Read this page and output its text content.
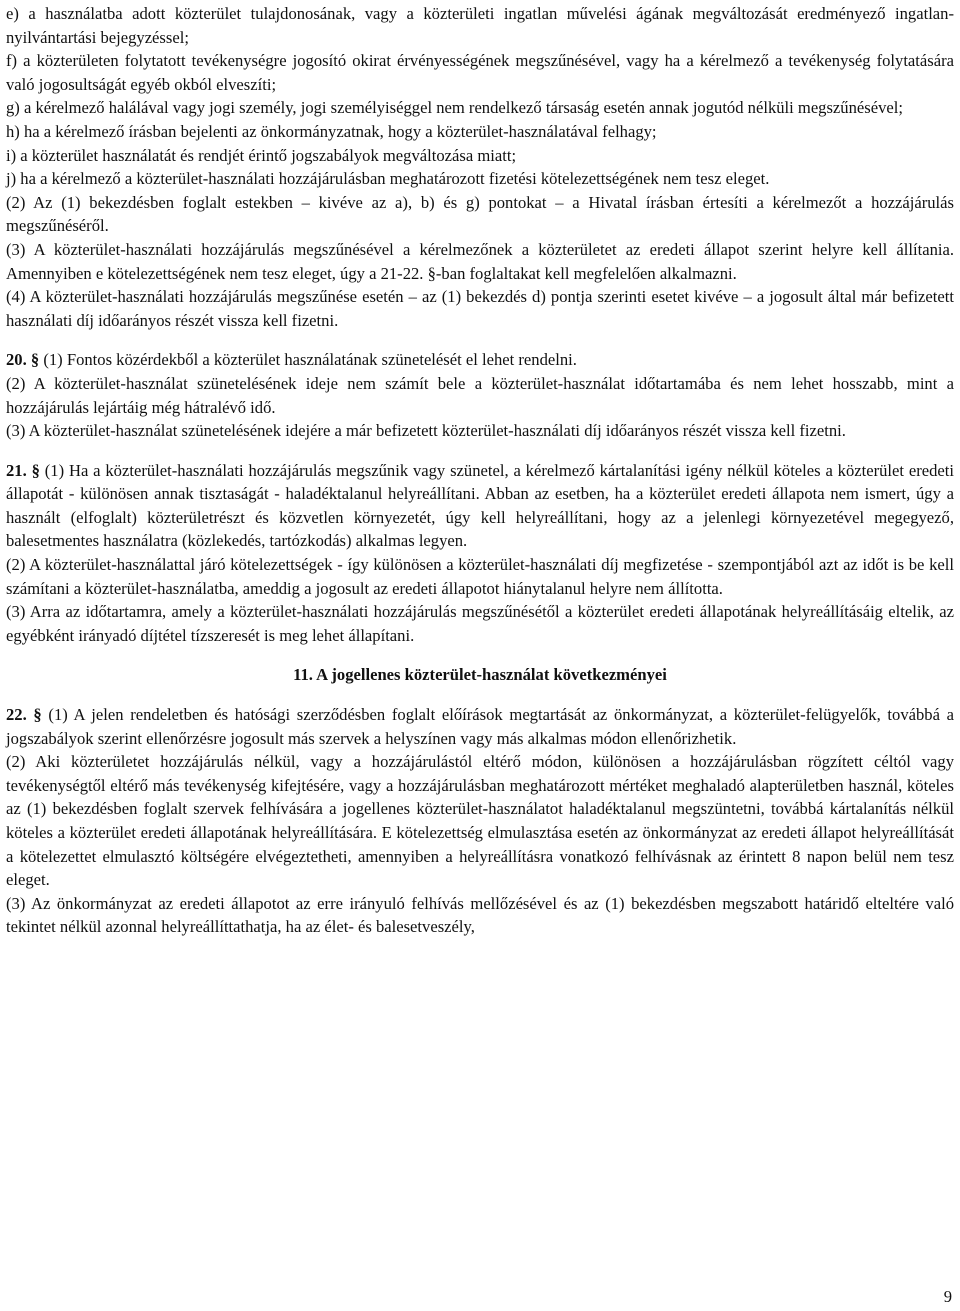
e) a használatba adott közterület tulajdonosának, vagy a közterületi ingatlan művelési ágának megváltozását eredményező ingatlan-nyilvántartási bejegyzéssel;

f) a közterületen folytatott tevékenységre jogosító okirat érvényességének megszűnésével, vagy ha a kérelmező a tevékenység folytatására való jogosultságát egyéb okból elveszíti;

g) a kérelmező halálával vagy jogi személy, jogi személyiséggel nem rendelkező társaság esetén annak jogutód nélküli megszűnésével;

h) ha a kérelmező írásban bejelenti az önkormányzatnak, hogy a közterület-használatával felhagy;

i) a közterület használatát és rendjét érintő jogszabályok megváltozása miatt;

j) ha a kérelmező a közterület-használati hozzájárulásban meghatározott fizetési kötelezettségének nem tesz eleget.

(2) Az (1) bekezdésben foglalt estekben – kivéve az a), b) és g) pontokat – a Hivatal írásban értesíti a kérelmezőt a hozzájárulás megszűnéséről.

(3) A közterület-használati hozzájárulás megszűnésével a kérelmezőnek a közterületet az eredeti állapot szerint helyre kell állítania. Amennyiben e kötelezettségének nem tesz eleget, úgy a 21-22. §-ban foglaltakat kell megfelelően alkalmazni.

(4) A közterület-használati hozzájárulás megszűnése esetén – az (1) bekezdés d) pontja szerinti esetet kivéve – a jogosult által már befizetett használati díj időarányos részét vissza kell fizetni.

20. § (1) Fontos közérdekből a közterület használatának szünetelését el lehet rendelni.

(2) A közterület-használat szünetelésének ideje nem számít bele a közterület-használat időtartamába és nem lehet hosszabb, mint a hozzájárulás lejártáig még hátralévő idő.

(3) A közterület-használat szünetelésének idejére a már befizetett közterület-használati díj időarányos részét vissza kell fizetni.

21. § (1) Ha a közterület-használati hozzájárulás megszűnik vagy szünetel, a kérelmező kártalanítási igény nélkül köteles a közterület eredeti állapotát - különösen annak tisztaságát - haladéktalanul helyreállítani. Abban az esetben, ha a közterület eredeti állapota nem ismert, úgy a használt (elfoglalt) közterületrészt és közvetlen környezetét, úgy kell helyreállítani, hogy az a jelenlegi környezetével megegyező, balesetmentes használatra (közlekedés, tartózkodás) alkalmas legyen.

(2) A közterület-használattal járó kötelezettségek - így különösen a közterület-használati díj megfizetése - szempontjából azt az időt is be kell számítani a közterület-használatba, ameddig a jogosult az eredeti állapotot hiánytalanul helyre nem állította.

(3) Arra az időtartamra, amely a közterület-használati hozzájárulás megszűnésétől a közterület eredeti állapotának helyreállításáig eltelik, az egyébként irányadó díjtétel tízszeresét is meg lehet állapítani.

11. A jogellenes közterület-használat következményei

22. § (1) A jelen rendeletben és hatósági szerződésben foglalt előírások megtartását az önkormányzat, a közterület-felügyelők, továbbá a jogszabályok szerint ellenőrzésre jogosult más szervek a helyszínen vagy más alkalmas módon ellenőrizhetik.

(2) Aki közterületet hozzájárulás nélkül, vagy a hozzájárulástól eltérő módon, különösen a hozzájárulásban rögzített céltól vagy tevékenységtől eltérő más tevékenység kifejtésére, vagy a hozzájárulásban meghatározott mértéket meghaladó alapterületben használ, köteles az (1) bekezdésben foglalt szervek felhívására a jogellenes közterület-használatot haladéktalanul megszüntetni, továbbá kártalanítás nélkül köteles a közterület eredeti állapotának helyreállítására. E kötelezettség elmulasztása esetén az önkormányzat az eredeti állapot helyreállítását a kötelezettet elmulasztó költségére elvégeztetheti, amennyiben a helyreállításra vonatkozó felhívásnak az érintett 8 napon belül nem tesz eleget.

(3) Az önkormányzat az eredeti állapotot az erre irányuló felhívás mellőzésével és az (1) bekezdésben megszabott határidő elteltére való tekintet nélkül azonnal helyreállíttathatja, ha az élet- és balesetveszély,

9
